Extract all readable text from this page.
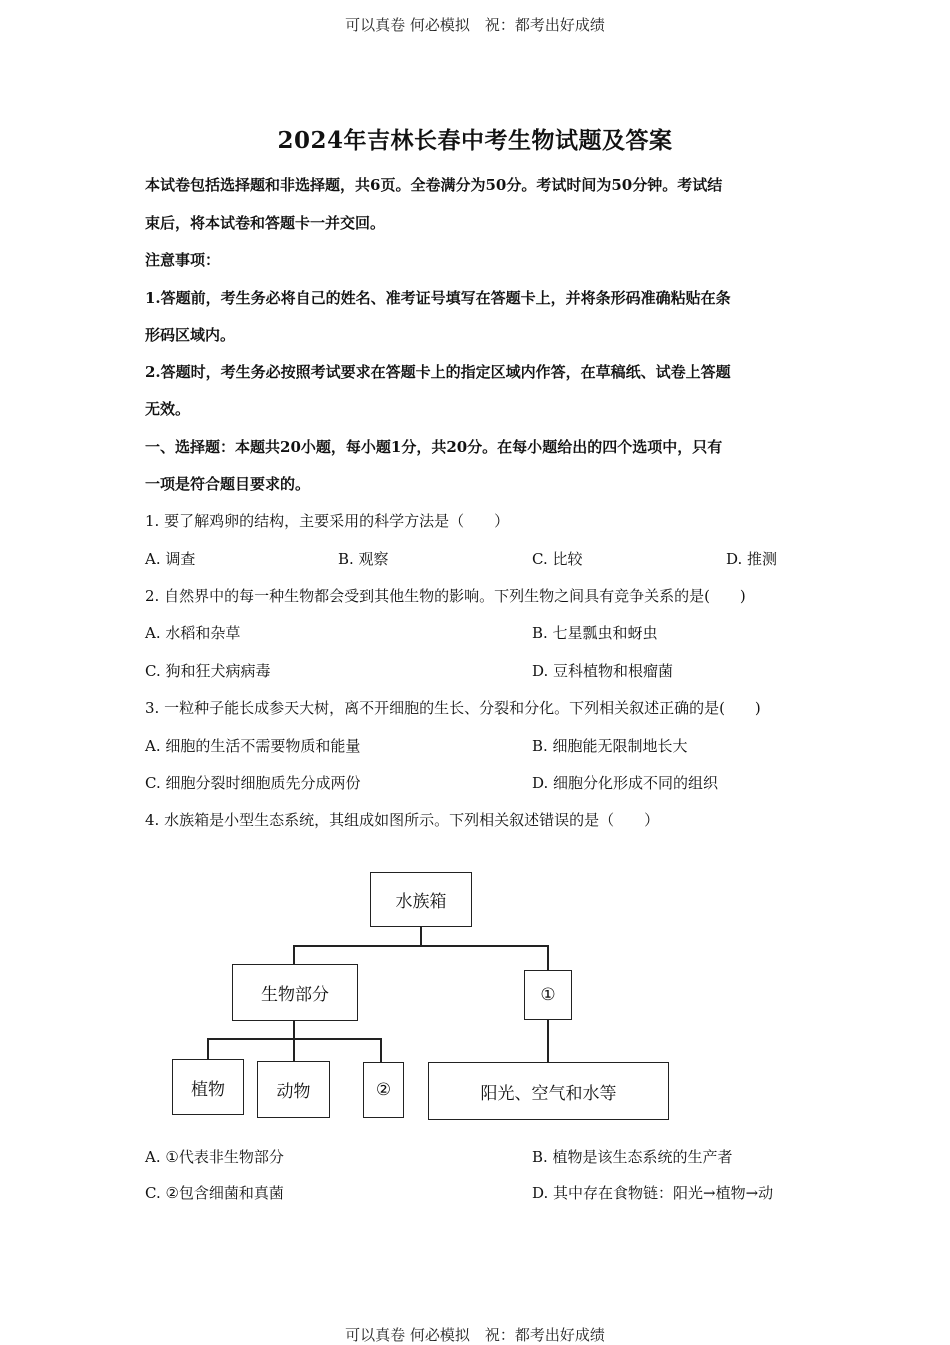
可以真卷 何必模拟　祝：都考出好成绩
2024年吉林长春中考生物试题及答案
本试卷包括选择题和非选择题，共6页。全卷满分为50分。考试时间为50分钟。考试结
束后，将本试卷和答题卡一并交回。
注意事项：
1.答题前，考生务必将自己的姓名、准考证号填写在答题卡上，并将条形码准确粘贴在条
形码区域内。
2.答题时，考生务必按照考试要求在答题卡上的指定区域内作答，在草稿纸、试卷上答题
无效。
一、选择题：本题共20小题，每小题1分，共20分。在每小题给出的四个选项中，只有
一项是符合题目要求的。
1. 要了解鸡卵的结构，主要采用的科学方法是（　　）
A. 调查	B. 观察	C. 比较	D. 推测
2. 自然界中的每一种生物都会受到其他生物的影响。下列生物之间具有竞争关系的是(　　)
A. 水稻和杂草	B. 七星瓢虫和蚜虫
C. 狗和狂犬病病毒	D. 豆科植物和根瘤菌
3. 一粒种子能长成参天大树，离不开细胞的生长、分裂和分化。下列相关叙述正确的是(　　)
A. 细胞的生活不需要物质和能量	B. 细胞能无限制地长大
C. 细胞分裂时细胞质先分成两份	D. 细胞分化形成不同的组织
4. 水族箱是小型生态系统，其组成如图所示。下列相关叙述错误的是（　　）
水族箱
生物部分	①
植物	动物	②	阳光、空气和水等
A. ①代表非生物部分	B. 植物是该生态系统的生产者
C. ②包含细菌和真菌	D. 其中存在食物链：阳光→植物→动
可以真卷 何必模拟　祝：都考出好成绩
